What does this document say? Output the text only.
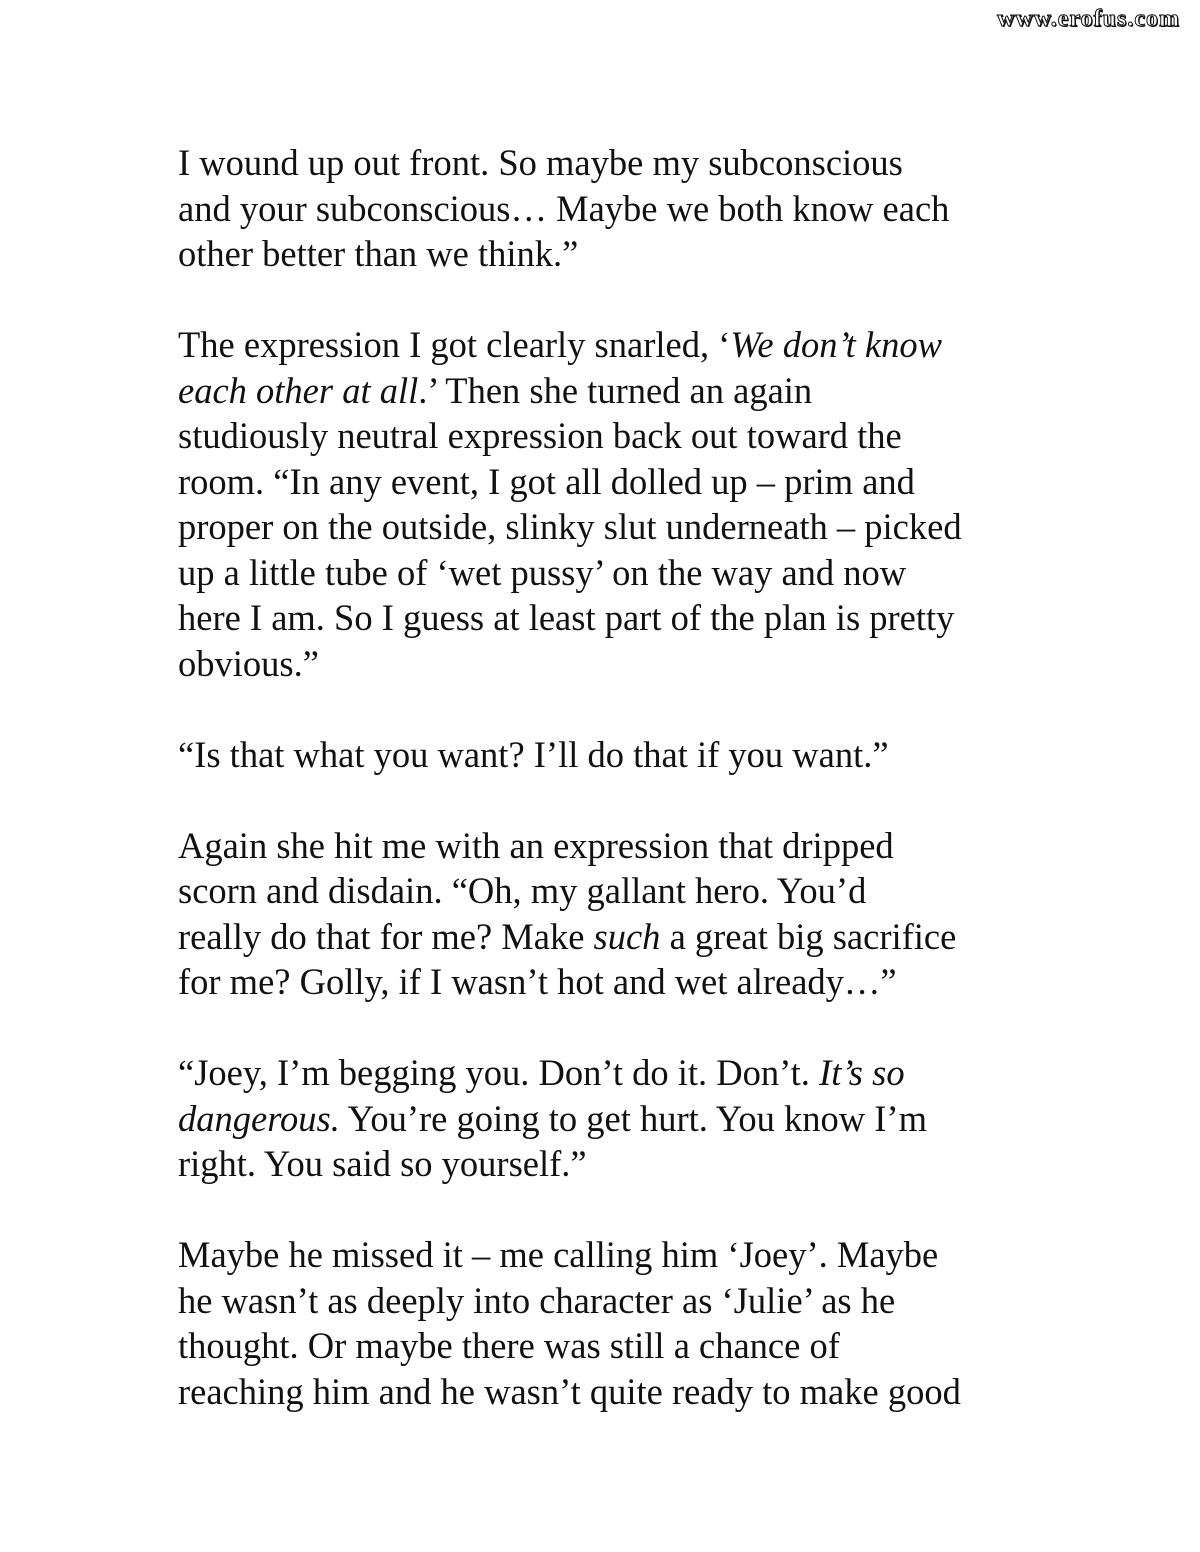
www.erofus.com
I wound up out front. So maybe my subconscious
and your subconscious… Maybe we both know each
other better than we think.”
The expression I got clearly snarled, ‘We don’t know
each other at all.’ Then she turned an again
studiously neutral expression back out toward the
room. “In any event, I got all dolled up – prim and
proper on the outside, slinky slut underneath – picked
up a little tube of ‘wet pussy’ on the way and now
here I am. So I guess at least part of the plan is pretty
obvious.”
“Is that what you want? I’ll do that if you want.”
Again she hit me with an expression that dripped
scorn and disdain. “Oh, my gallant hero. You’d
really do that for me? Make such a great big sacrifice
for me? Golly, if I wasn’t hot and wet already…”
“Joey, I’m begging you. Don’t do it. Don’t. It’s so
dangerous. You’re going to get hurt. You know I’m
right. You said so yourself.”
Maybe he missed it – me calling him ‘Joey’. Maybe
he wasn’t as deeply into character as ‘Julie’ as he
thought. Or maybe there was still a chance of
reaching him and he wasn’t quite ready to make good
